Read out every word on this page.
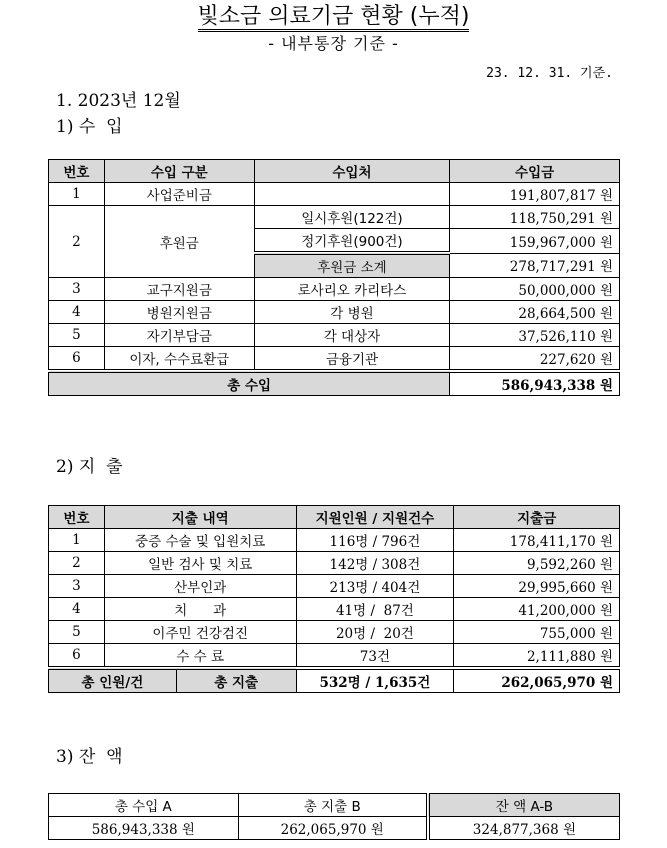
빛소금 의료기금 현황 (누적)
- 내부통장 기준 -
23. 12. 31. 기준.
1. 2023년 12월
1) 수  입
번호	수입 구분	수입처	수입금
1	사업준비금		191,807,817 원
2	후원금	일시후원(122건)	118,750,291 원
		정기후원(900건)	159,967,000 원
		후원금 소계	278,717,291 원
3	교구지원금	로사리오 카리타스	50,000,000 원
4	병원지원금	각 병원	28,664,500 원
5	자기부담금	각 대상자	37,526,110 원
6	이자, 수수료환급	금융기관	227,620 원
총 수입			586,943,338 원
2) 지  출
번호	지출 내역		지원인원 / 지원건수	지출금
1	중증 수술 및 입원치료		116명 / 796건	178,411,170 원
2	일반 검사 및 치료		142명 / 308건	9,592,260 원
3	산부인과		213명 / 404건	29,995,660 원
4	치      과		41명 /  87건	41,200,000 원
5	이주민 건강검진		20명 /  20건	755,000 원
6	수 수 료		73건	2,111,880 원
총 인원/건		총 지출	532명 / 1,635건	262,065,970 원
3) 잔  액
총 수입 A	총 지출 B	잔 액 A-B
586,943,338 원	262,065,970 원	324,877,368 원
